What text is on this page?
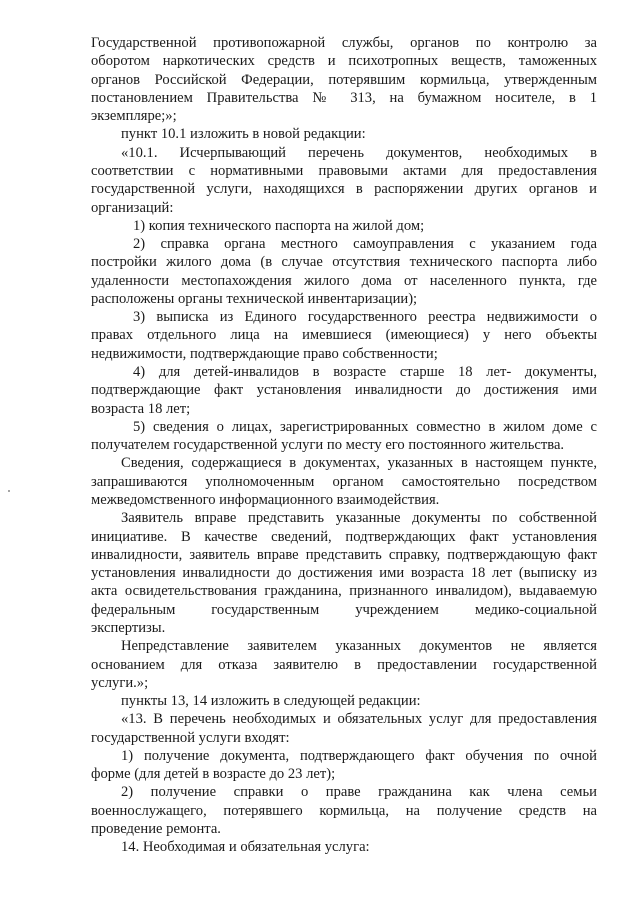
Государственной противопожарной службы, органов по контролю за
оборотом наркотических средств и психотропных веществ, таможенных
органов Российской Федерации, потерявшим кормильца, утвержденным
постановлением Правительства № 313, на бумажном носителе, в 1
экземпляре;»;
пункт 10.1 изложить в новой редакции:
«10.1. Исчерпывающий перечень документов, необходимых в
соответствии с нормативными правовыми актами для предоставления
государственной услуги, находящихся в распоряжении других органов и
организаций:
1) копия технического паспорта на жилой дом;
2) справка органа местного самоуправления с указанием года
постройки жилого дома (в случае отсутствия технического паспорта либо
удаленности местопахождения жилого дома от населенного пункта, где
расположены органы технической инвентаризации);
3) выписка из Единого государственного реестра недвижимости о
правах отдельного лица на имевшиеся (имеющиеся) у него объекты
недвижимости, подтверждающие право собственности;
4) для детей-инвалидов в возрасте старше 18 лет- документы,
подтверждающие факт установления инвалидности до достижения ими
возраста 18 лет;
5) сведения о лицах, зарегистрированных совместно в жилом доме с
получателем государственной услуги по месту его постоянного жительства.
Сведения, содержащиеся в документах, указанных в настоящем пункте,
запрашиваются уполномоченным органом самостоятельно посредством
межведомственного информационного взаимодействия.
Заявитель вправе представить указанные документы по собственной
инициативе. В качестве сведений, подтверждающих факт установления
инвалидности, заявитель вправе представить справку, подтверждающую факт
установления инвалидности до достижения ими возраста 18 лет (выписку из
акта освидетельствования гражданина, признанного инвалидом), выдаваемую
федеральным государственным учреждением медико-социальной
экспертизы.
Непредставление заявителем указанных документов не является
основанием для отказа заявителю в предоставлении государственной
услуги.»;
пункты 13, 14 изложить в следующей редакции:
«13. В перечень необходимых и обязательных услуг для предоставления
государственной услуги входят:
1) получение документа, подтверждающего факт обучения по очной
форме (для детей в возрасте до 23 лет);
2) получение справки о праве гражданина как члена семьи
военнослужащего, потерявшего кормильца, на получение средств на
проведение ремонта.
14. Необходимая и обязательная услуга:
